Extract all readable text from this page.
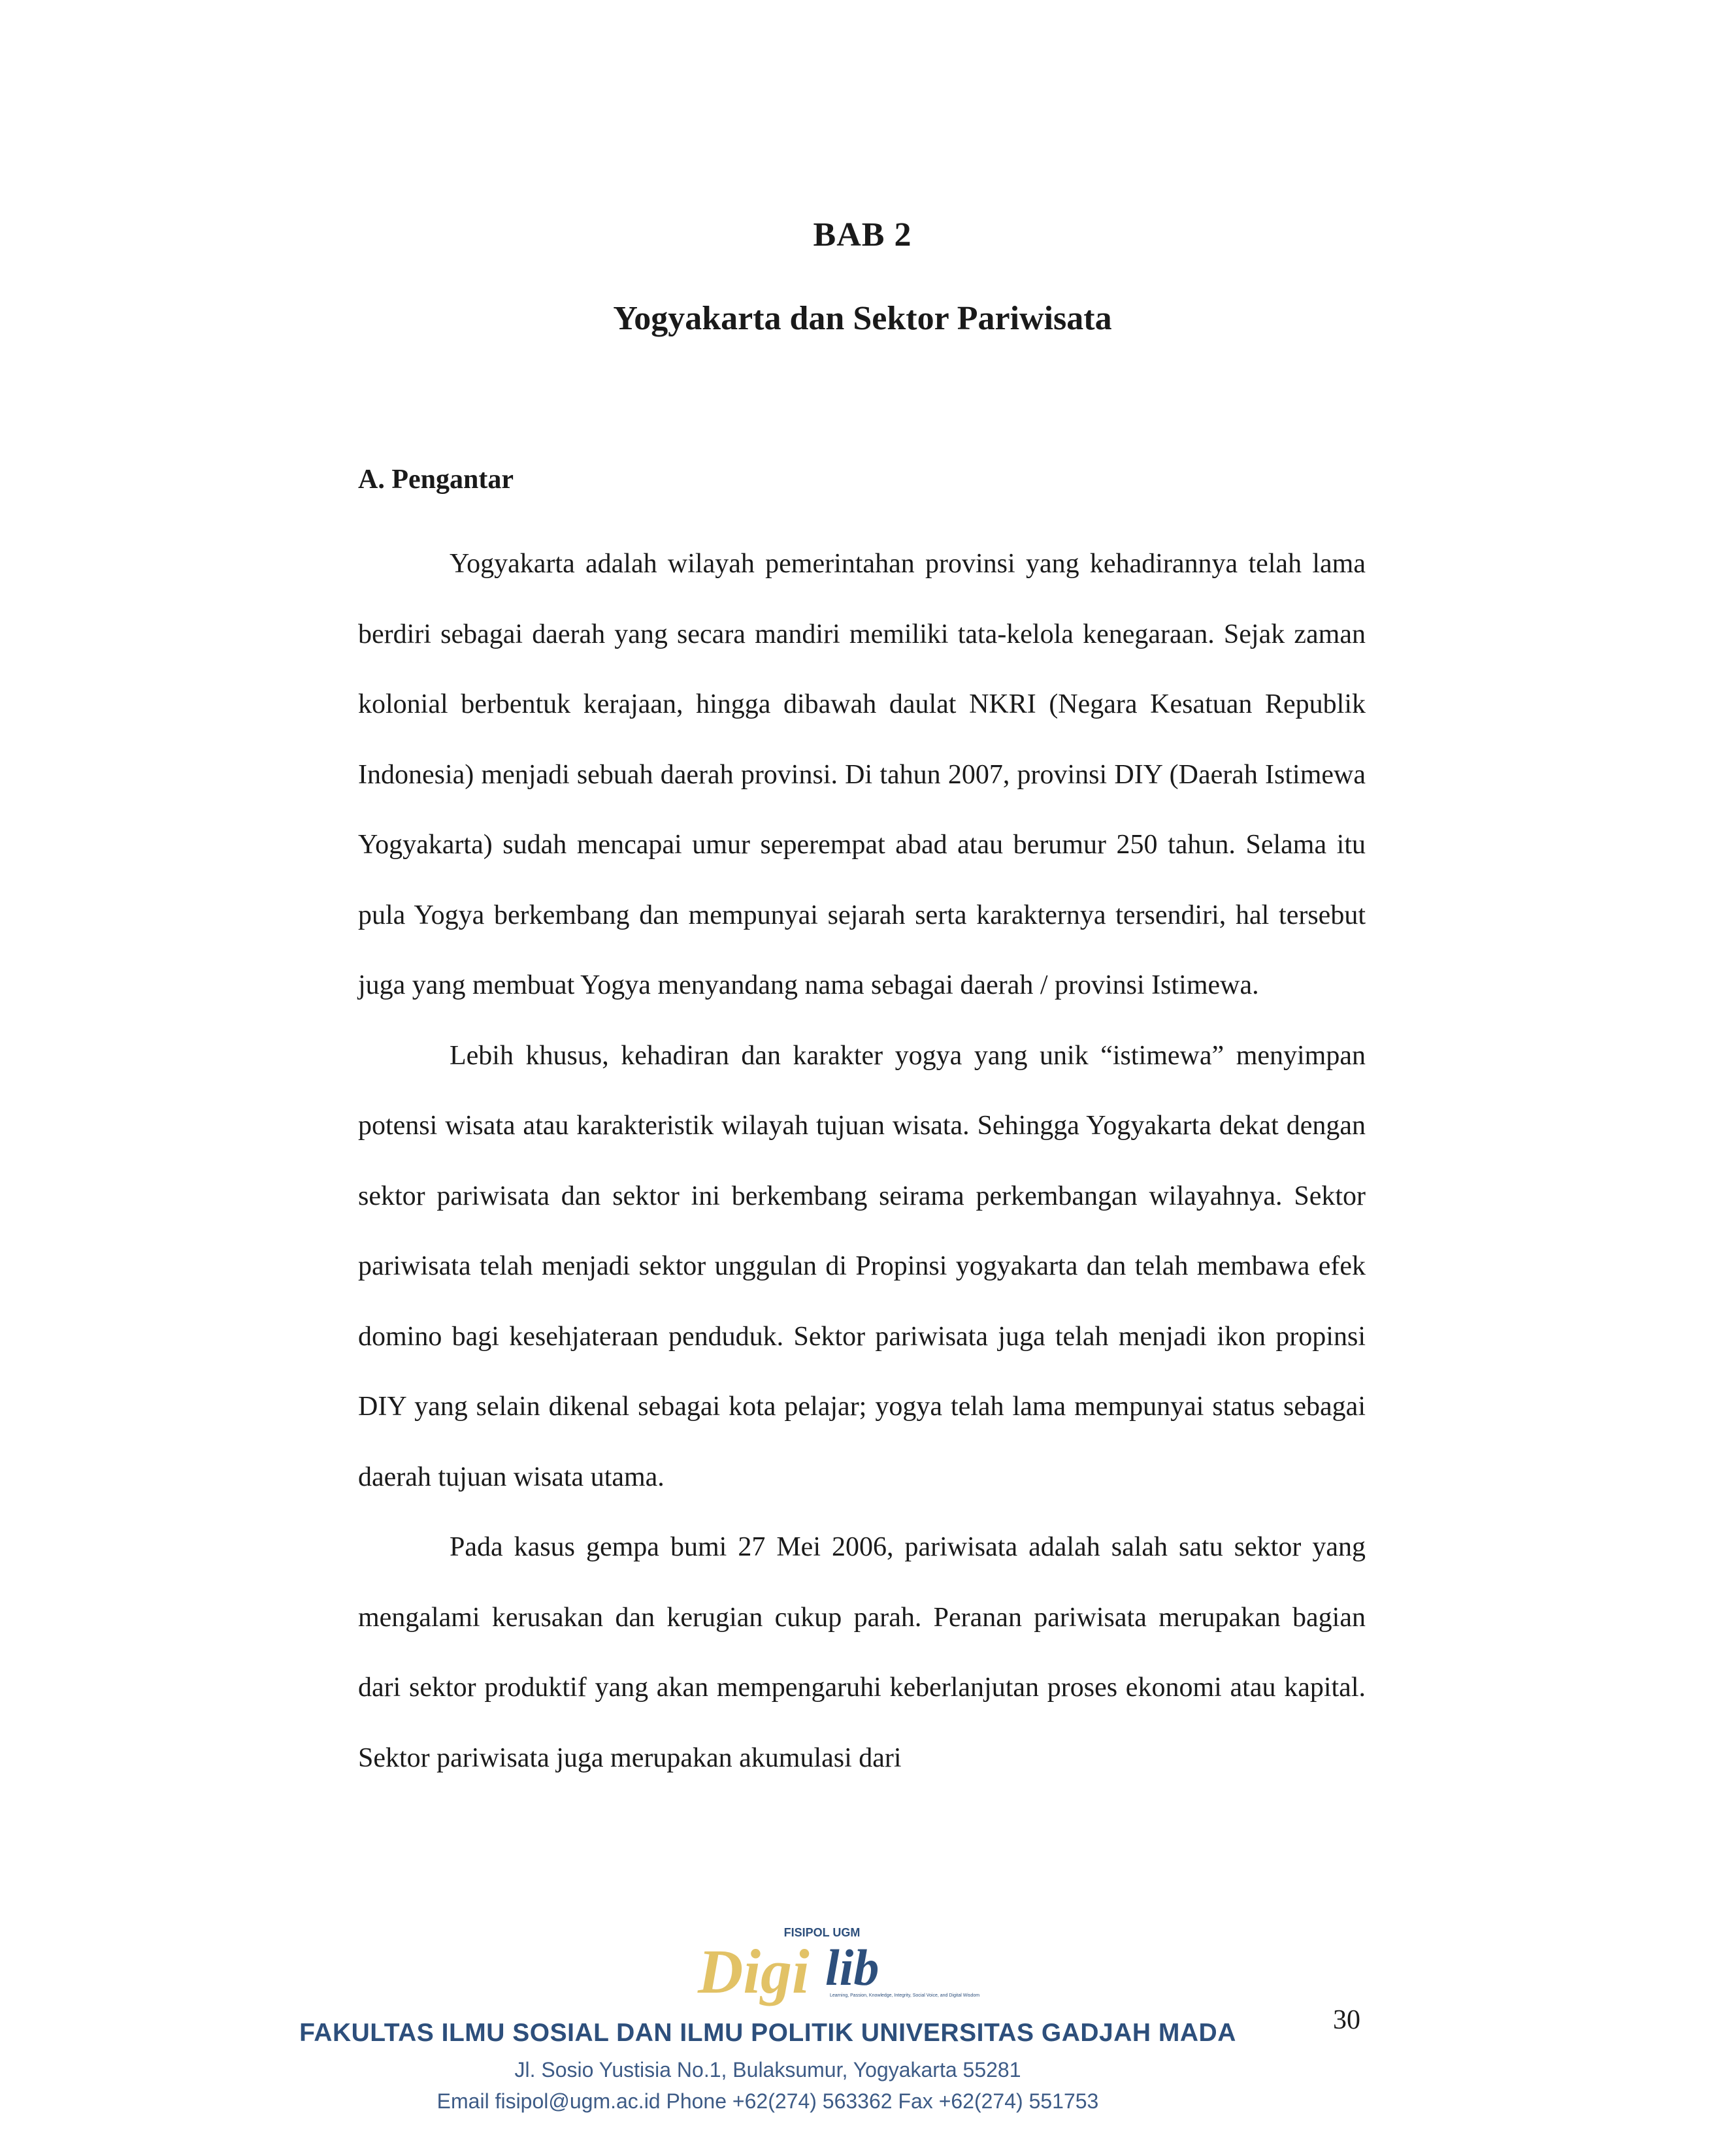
BAB 2
Yogyakarta dan Sektor Pariwisata
A. Pengantar

Yogyakarta adalah wilayah pemerintahan provinsi yang kehadirannya telah lama berdiri sebagai daerah yang secara mandiri memiliki tata-kelola kenegaraan. Sejak zaman kolonial berbentuk kerajaan, hingga dibawah daulat NKRI (Negara Kesatuan Republik Indonesia) menjadi sebuah daerah provinsi. Di tahun 2007, provinsi DIY (Daerah Istimewa Yogyakarta) sudah mencapai umur seperempat abad atau berumur 250 tahun. Selama itu pula Yogya berkembang dan mempunyai sejarah serta karakternya tersendiri, hal tersebut juga yang membuat Yogya menyandang nama sebagai daerah / provinsi Istimewa.

Lebih khusus, kehadiran dan karakter yogya yang unik “istimewa” menyimpan potensi wisata atau karakteristik wilayah tujuan wisata. Sehingga Yogyakarta dekat dengan sektor pariwisata dan sektor ini berkembang seirama perkembangan wilayahnya. Sektor pariwisata telah menjadi sektor unggulan di Propinsi yogyakarta dan telah membawa efek domino bagi kesehjateraan penduduk. Sektor pariwisata juga telah menjadi ikon propinsi DIY yang selain dikenal sebagai kota pelajar; yogya telah lama mempunyai status sebagai daerah tujuan wisata utama.

Pada kasus gempa bumi 27 Mei 2006, pariwisata adalah salah satu sektor yang mengalami kerusakan dan kerugian cukup parah. Peranan pariwisata merupakan bagian dari sektor produktif yang akan mempengaruhi keberlanjutan proses ekonomi atau kapital. Sektor pariwisata juga merupakan akumulasi dari

FISIPOL UGM
Digi lib
Learning, Passion, Knowledge, Integrity, Social Voice, and Digital Wisdom
FAKULTAS ILMU SOSIAL DAN ILMU POLITIK UNIVERSITAS GADJAH MADA
Jl. Sosio Yustisia No.1, Bulaksumur, Yogyakarta 55281
Email fisipol@ugm.ac.id Phone +62(274) 563362 Fax +62(274) 551753
30
